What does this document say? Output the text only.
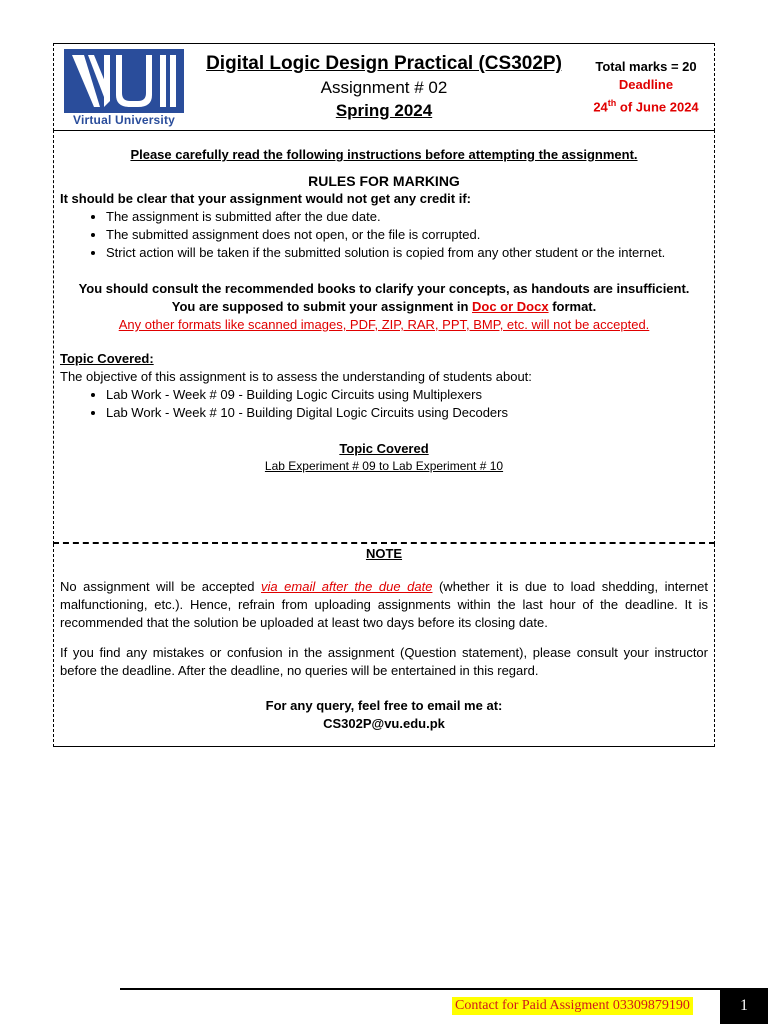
Virtual University
Digital Logic Design Practical (CS302P)
Assignment # 02
Spring 2024
Total marks = 20
Deadline
24th of June 2024
Please carefully read the following instructions before attempting the assignment.
RULES FOR MARKING
It should be clear that your assignment would not get any credit if:
• The assignment is submitted after the due date.
• The submitted assignment does not open, or the file is corrupted.
• Strict action will be taken if the submitted solution is copied from any other student or the internet.
You should consult the recommended books to clarify your concepts, as handouts are insufficient.
You are supposed to submit your assignment in Doc or Docx format.
Any other formats like scanned images, PDF, ZIP, RAR, PPT, BMP, etc. will not be accepted.
Topic Covered:
The objective of this assignment is to assess the understanding of students about:
• Lab Work - Week # 09 - Building Logic Circuits using Multiplexers
• Lab Work - Week # 10 - Building Digital Logic Circuits using Decoders
Topic Covered
Lab Experiment # 09 to Lab Experiment # 10
NOTE
No assignment will be accepted via email after the due date (whether it is due to load shedding, internet malfunctioning, etc.). Hence, refrain from uploading assignments within the last hour of the deadline. It is recommended that the solution be uploaded at least two days before its closing date.
If you find any mistakes or confusion in the assignment (Question statement), please consult your instructor before the deadline. After the deadline, no queries will be entertained in this regard.
For any query, feel free to email me at:
CS302P@vu.edu.pk
Contact for Paid Assigment 03309879190	1
